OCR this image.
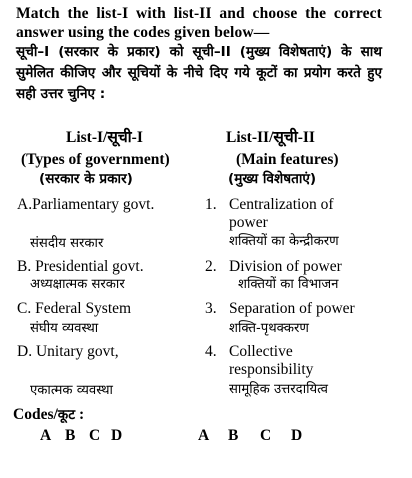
Match the list-I with list-II and choose the correct answer using the codes given below—

सूची–I (सरकार के प्रकार) को सूची–II (मुख्य विशेषताएं) के साथ सुमेलित कीजिए और सूचियों के नीचे दिए गये कूटों का प्रयोग करते हुए सही उत्तर चुनिए :

List-I/सूची-I
(Types of government)
(सरकार के प्रकार)
List-II/सूची-II
(Main features)
(मुख्य विशेषताएं)
A.Parliamentary govt.
संसदीय सरकार
B. Presidential govt.
अध्यक्षात्मक सरकार
C. Federal System
संघीय व्यवस्था
D. Unitary govt,
एकात्मक व्यवस्था
1. Centralization of
power
शक्तियों का केन्द्रीकरण
2. Division of power
शक्तियों का विभाजन
3. Separation of power
शक्ति-पृथक्करण
4. Collective
responsibility
सामूहिक उत्तरदायित्व
Codes/कूट :
A B C D	A B C D
